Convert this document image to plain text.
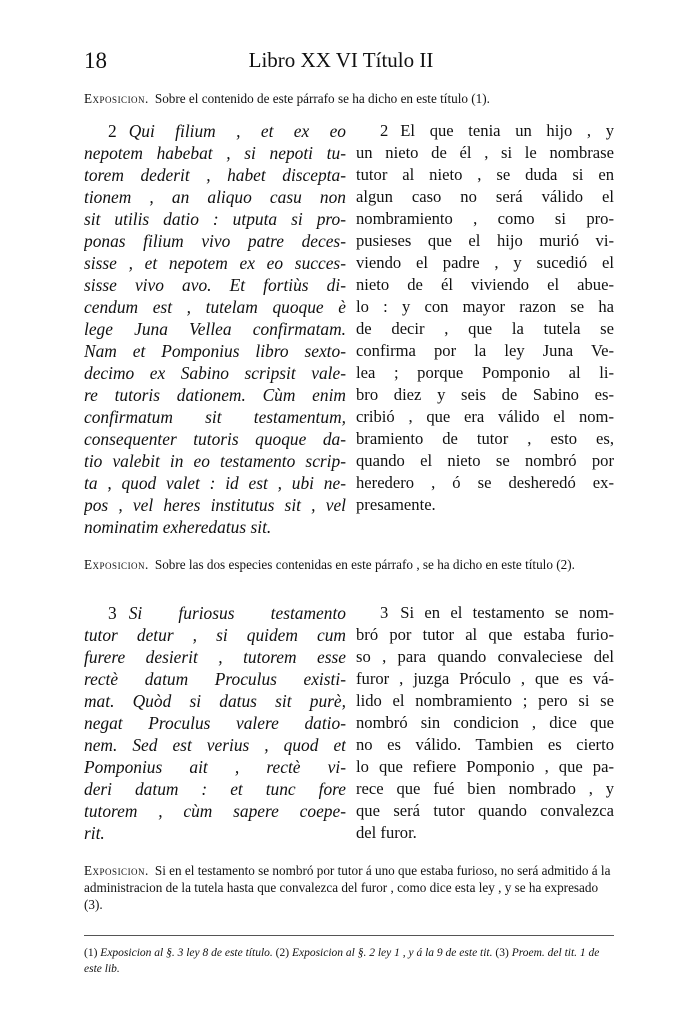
18	Libro XX VI Título II
Exposicion. Sobre el contenido de este párrafo se ha dicho en este título (1).
2 Qui filium , et ex eo
nepotem habebat , si nepoti tu-
torem dederit , habet disceptа-
tionem , an aliquо casu non
sit utilis datio : utputa si pro-
ponas filium vivo patre deces-
sisse , et nepotem ex eo succes-
sisse vivo avo. Et fortiùs di-
cendum est , tutelam quoque è
lege Juna Vellea confirmatam.
Nam et Pomponius libro sexto-
decimo ex Sabino scripsit vale-
re tutoris dationem. Cùm enim
confirmatum sit testamentum,
consequenter tutoris quoque da-
tio valebit in eo testamento scrip-
ta , quod valet : id est , ubi ne-
pos , vel heres institutus sit , vel
nominatim exheredatus sit.
2 El que tenia un hijo , y
un nieto de él , si le nombrase
tutor al nieto , se duda si en
algun caso no será válido el
nombramiento , como si pro-
pusieses que el hijo murió vi-
viendo el padre , y sucedió el
nieto de él viviendo el abue-
lo : y con mayor razon se ha
de decir , que la tutela se
confirma por la ley Juna Ve-
lea ; porque Pomponio al li-
bro diez y seis de Sabino es-
cribió , que era válido el nom-
bramiento de tutor , esto es,
quando el nieto se nombró por
heredero , ó se desheredó ex-
presamente.
Exposicion. Sobre las dos especies contenidas en este párrafo , se ha dicho en este título (2).
3 Si furiosus testamento
tutor detur , si quidem cum
furere desierit , tutorem esse
rectè datum Proculus existi-
mat. Quòd si datus sit purè,
negat Proculus valere datio-
nem. Sed est verius , quod et
Pomponius ait , rectè vi-
deri datum : et tunc fore
tutorem , cùm sapere coepe-
rit.
3 Si en el testamento se nom-
bró por tutor al que estaba furio-
so , para quando convaleciese del
furor , juzga Próculo , que es vá-
lido el nombramiento ; pero si se
nombró sin condicion , dice que
no es válido. Tambien es cierto
lo que refiere Pomponio , que pa-
rece que fué bien nombrado , y
que será tutor quando convalezca
del furor.
Exposicion. Si en el testamento se nombró por tutor á uno que estaba furioso, no será admitido á la administracion de la tutela hasta que convalezca del furor , como dice esta ley , y se ha expresado (3).
(1) Exposicion al §. 3 ley 8 de este título. (2) Exposicion al §. 2 ley 1 , y á la 9 de este tit. (3) Proem. del tit. 1 de este lib.
